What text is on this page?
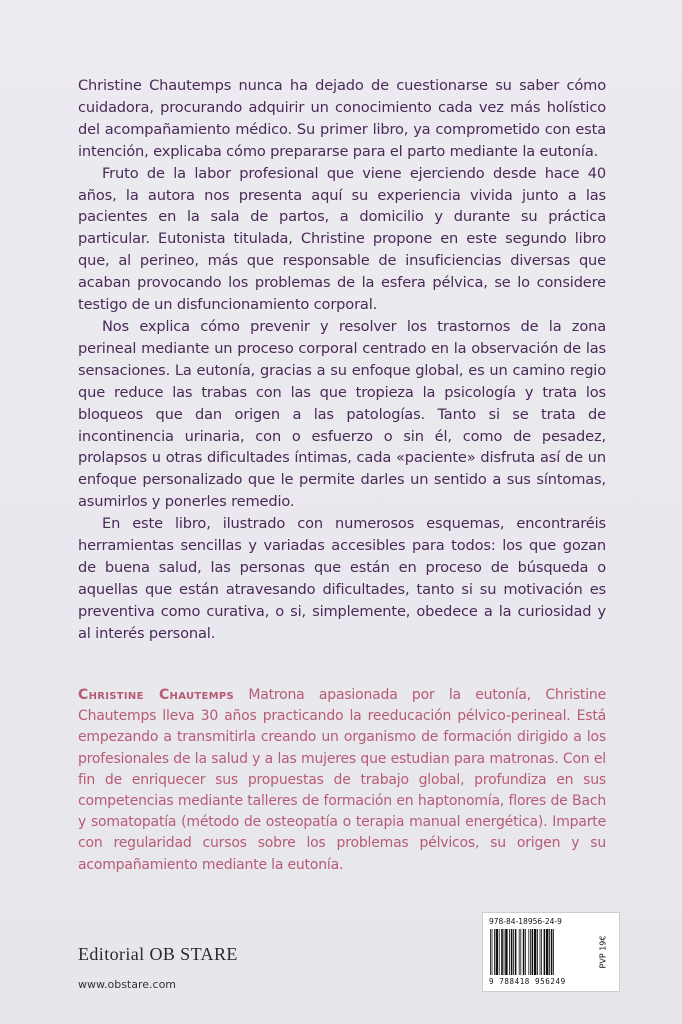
Christine Chautemps nunca ha dejado de cuestionarse su saber cómo cuidadora, procurando adquirir un conocimiento cada vez más holístico del acompañamiento médico. Su primer libro, ya comprometido con esta intención, explicaba cómo prepararse para el parto mediante la eutonía.

Fruto de la labor profesional que viene ejerciendo desde hace 40 años, la autora nos presenta aquí su experiencia vivida junto a las pacientes en la sala de partos, a domicilio y durante su práctica particular. Eutonista titulada, Christine propone en este segundo libro que, al perineo, más que responsable de insuficiencias diversas que acaban provocando los problemas de la esfera pélvica, se lo considere testigo de un disfuncionamiento corporal.

Nos explica cómo prevenir y resolver los trastornos de la zona perineal mediante un proceso corporal centrado en la observación de las sensaciones. La eutonía, gracias a su enfoque global, es un camino regio que reduce las trabas con las que tropieza la psicología y trata los bloqueos que dan origen a las patologías. Tanto si se trata de incontinencia urinaria, con o esfuerzo o sin él, como de pesadez, prolapsos u otras dificultades íntimas, cada «paciente» disfruta así de un enfoque personalizado que le permite darles un sentido a sus síntomas, asumirlos y ponerles remedio.

En este libro, ilustrado con numerosos esquemas, encontraréis herramientas sencillas y variadas accesibles para todos: los que gozan de buena salud, las personas que están en proceso de búsqueda o aquellas que están atravesando dificultades, tanto si su motivación es preventiva como curativa, o si, simplemente, obedece a la curiosidad y al interés personal.

Christine Chautemps Matrona apasionada por la eutonía, Christine Chautemps lleva 30 años practicando la reeducación pélvico-perineal. Está empezando a transmitirla creando un organismo de formación dirigido a los profesionales de la salud y a las mujeres que estudian para matronas. Con el fin de enriquecer sus propuestas de trabajo global, profundiza en sus competencias mediante talleres de formación en haptonomía, flores de Bach y somatopatía (método de osteopatía o terapia manual energética). Imparte con regularidad cursos sobre los problemas pélvicos, su origen y su acompañamiento mediante la eutonía.

Editorial OB STARE
www.obstare.com
978-84-18956-24-9
9 788418 956249
PVP 19€
